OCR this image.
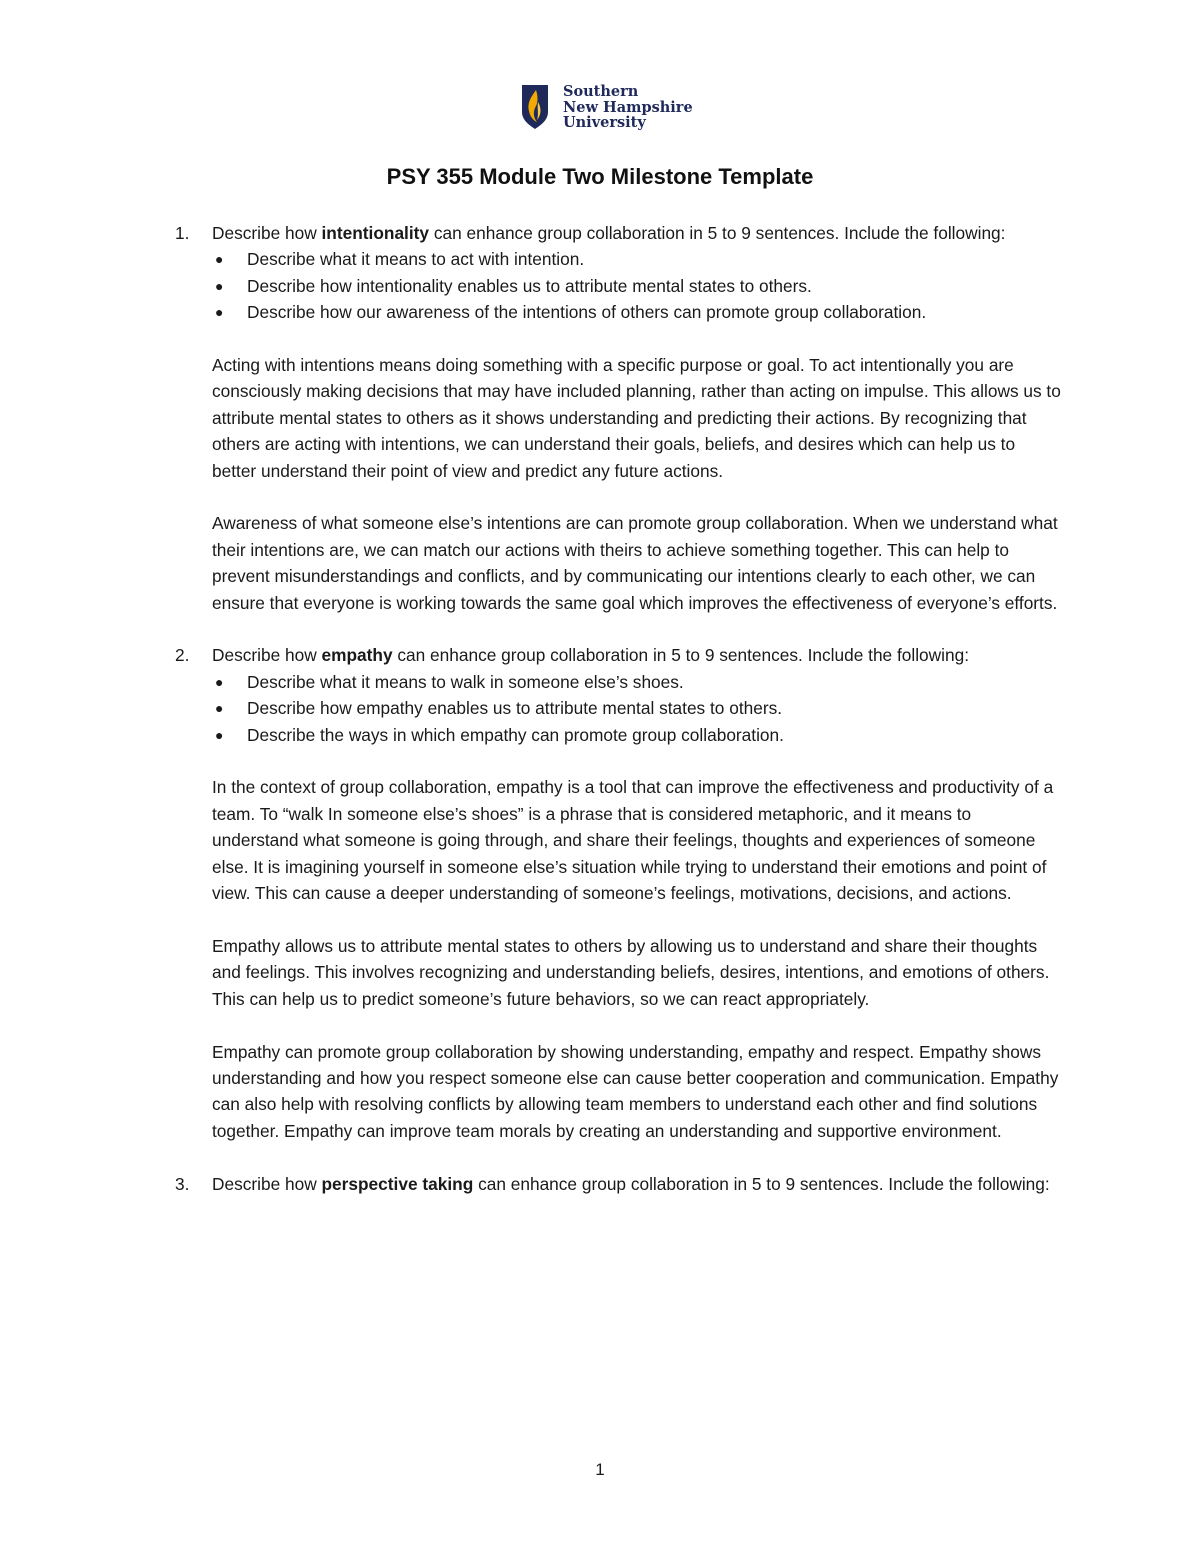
Southern
New Hampshire
University
PSY 355 Module Two Milestone Template
1. Describe how intentionality can enhance group collaboration in 5 to 9 sentences. Include the following:
● Describe what it means to act with intention.
● Describe how intentionality enables us to attribute mental states to others.
● Describe how our awareness of the intentions of others can promote group collaboration.

Acting with intentions means doing something with a specific purpose or goal. To act intentionally you are consciously making decisions that may have included planning, rather than acting on impulse. This allows us to attribute mental states to others as it shows understanding and predicting their actions. By recognizing that others are acting with intentions, we can understand their goals, beliefs, and desires which can help us to better understand their point of view and predict any future actions.

Awareness of what someone else’s intentions are can promote group collaboration. When we understand what their intentions are, we can match our actions with theirs to achieve something together. This can help to prevent misunderstandings and conflicts, and by communicating our intentions clearly to each other, we can ensure that everyone is working towards the same goal which improves the effectiveness of everyone’s efforts.

2. Describe how empathy can enhance group collaboration in 5 to 9 sentences. Include the following:
● Describe what it means to walk in someone else’s shoes.
● Describe how empathy enables us to attribute mental states to others.
● Describe the ways in which empathy can promote group collaboration.

In the context of group collaboration, empathy is a tool that can improve the effectiveness and productivity of a team. To “walk In someone else’s shoes” is a phrase that is considered metaphoric, and it means to understand what someone is going through, and share their feelings, thoughts and experiences of someone else. It is imagining yourself in someone else’s situation while trying to understand their emotions and point of view. This can cause a deeper understanding of someone’s feelings, motivations, decisions, and actions.

Empathy allows us to attribute mental states to others by allowing us to understand and share their thoughts and feelings. This involves recognizing and understanding beliefs, desires, intentions, and emotions of others. This can help us to predict someone’s future behaviors, so we can react appropriately.

Empathy can promote group collaboration by showing understanding, empathy and respect. Empathy shows understanding and how you respect someone else can cause better cooperation and communication. Empathy can also help with resolving conflicts by allowing team members to understand each other and find solutions together. Empathy can improve team morals by creating an understanding and supportive environment.

3. Describe how perspective taking can enhance group collaboration in 5 to 9 sentences. Include the following:
1
